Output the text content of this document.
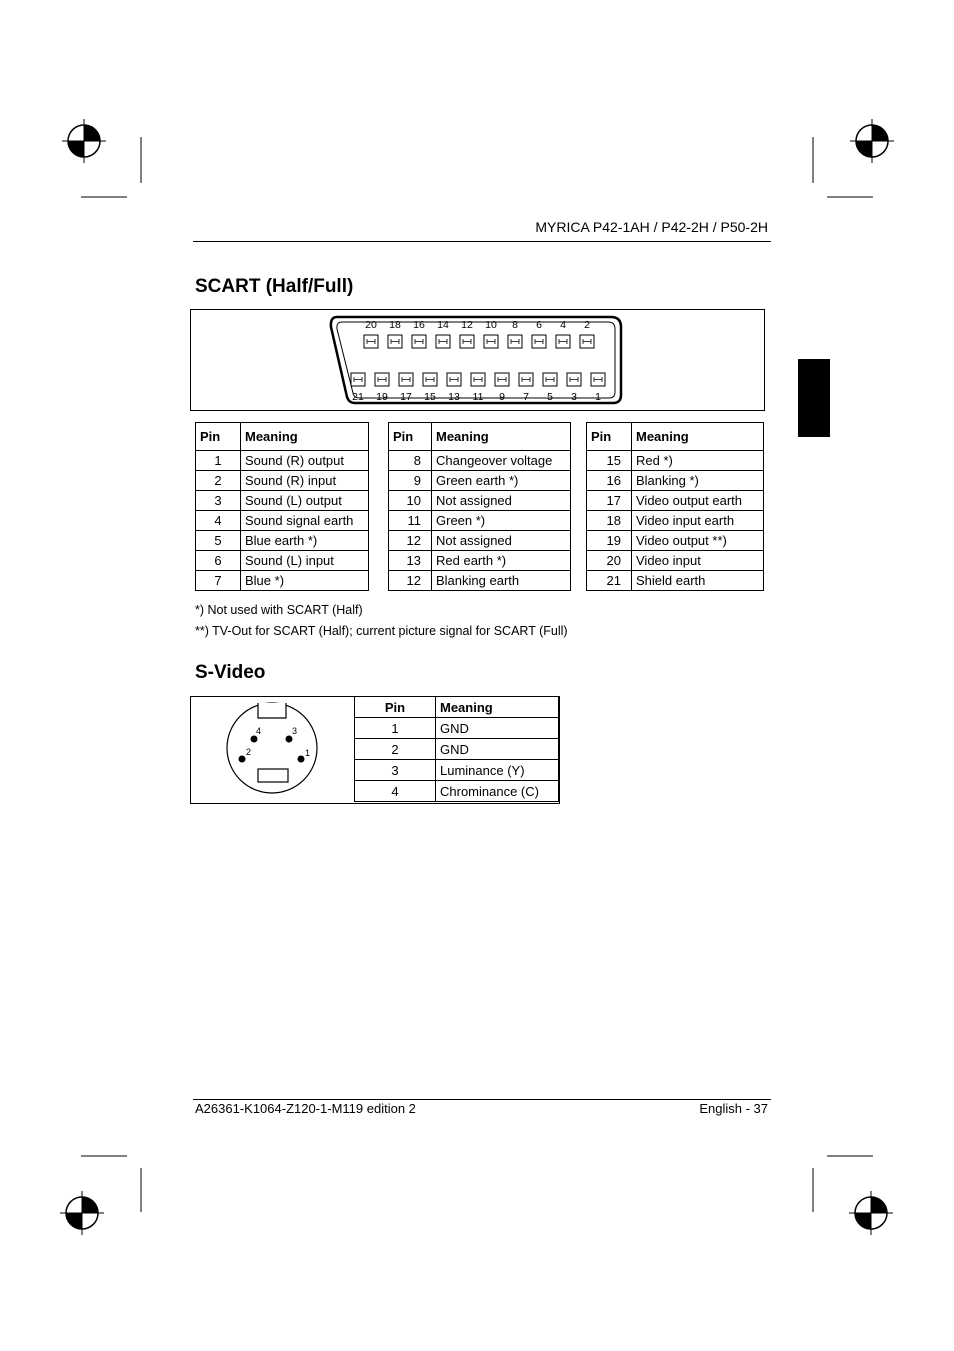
MYRICA P42-1AH / P42-2H / P50-2H
SCART (Half/Full)
20 18 16 14 12 10 8 6 4 2
21 19 17 15 13 11 9 7 5 3 1
Pin	Meaning
1	Sound (R) output
2	Sound (R) input
3	Sound (L) output
4	Sound signal earth
5	Blue earth *)
6	Sound (L) input
7	Blue *)
Pin	Meaning
8	Changeover voltage
9	Green earth *)
10	Not assigned
11	Green *)
12	Not assigned
13	Red earth *)
12	Blanking earth
Pin	Meaning
15	Red *)
16	Blanking *)
17	Video output earth
18	Video input earth
19	Video output **)
20	Video input
21	Shield earth
*) Not used with SCART (Half)
**) TV-Out for SCART (Half); current picture signal for SCART (Full)
S-Video
4	3
2	1
Pin	Meaning
1	GND
2	GND
3	Luminance (Y)
4	Chrominance (C)
A26361-K1064-Z120-1-M119 edition 2	English - 37
